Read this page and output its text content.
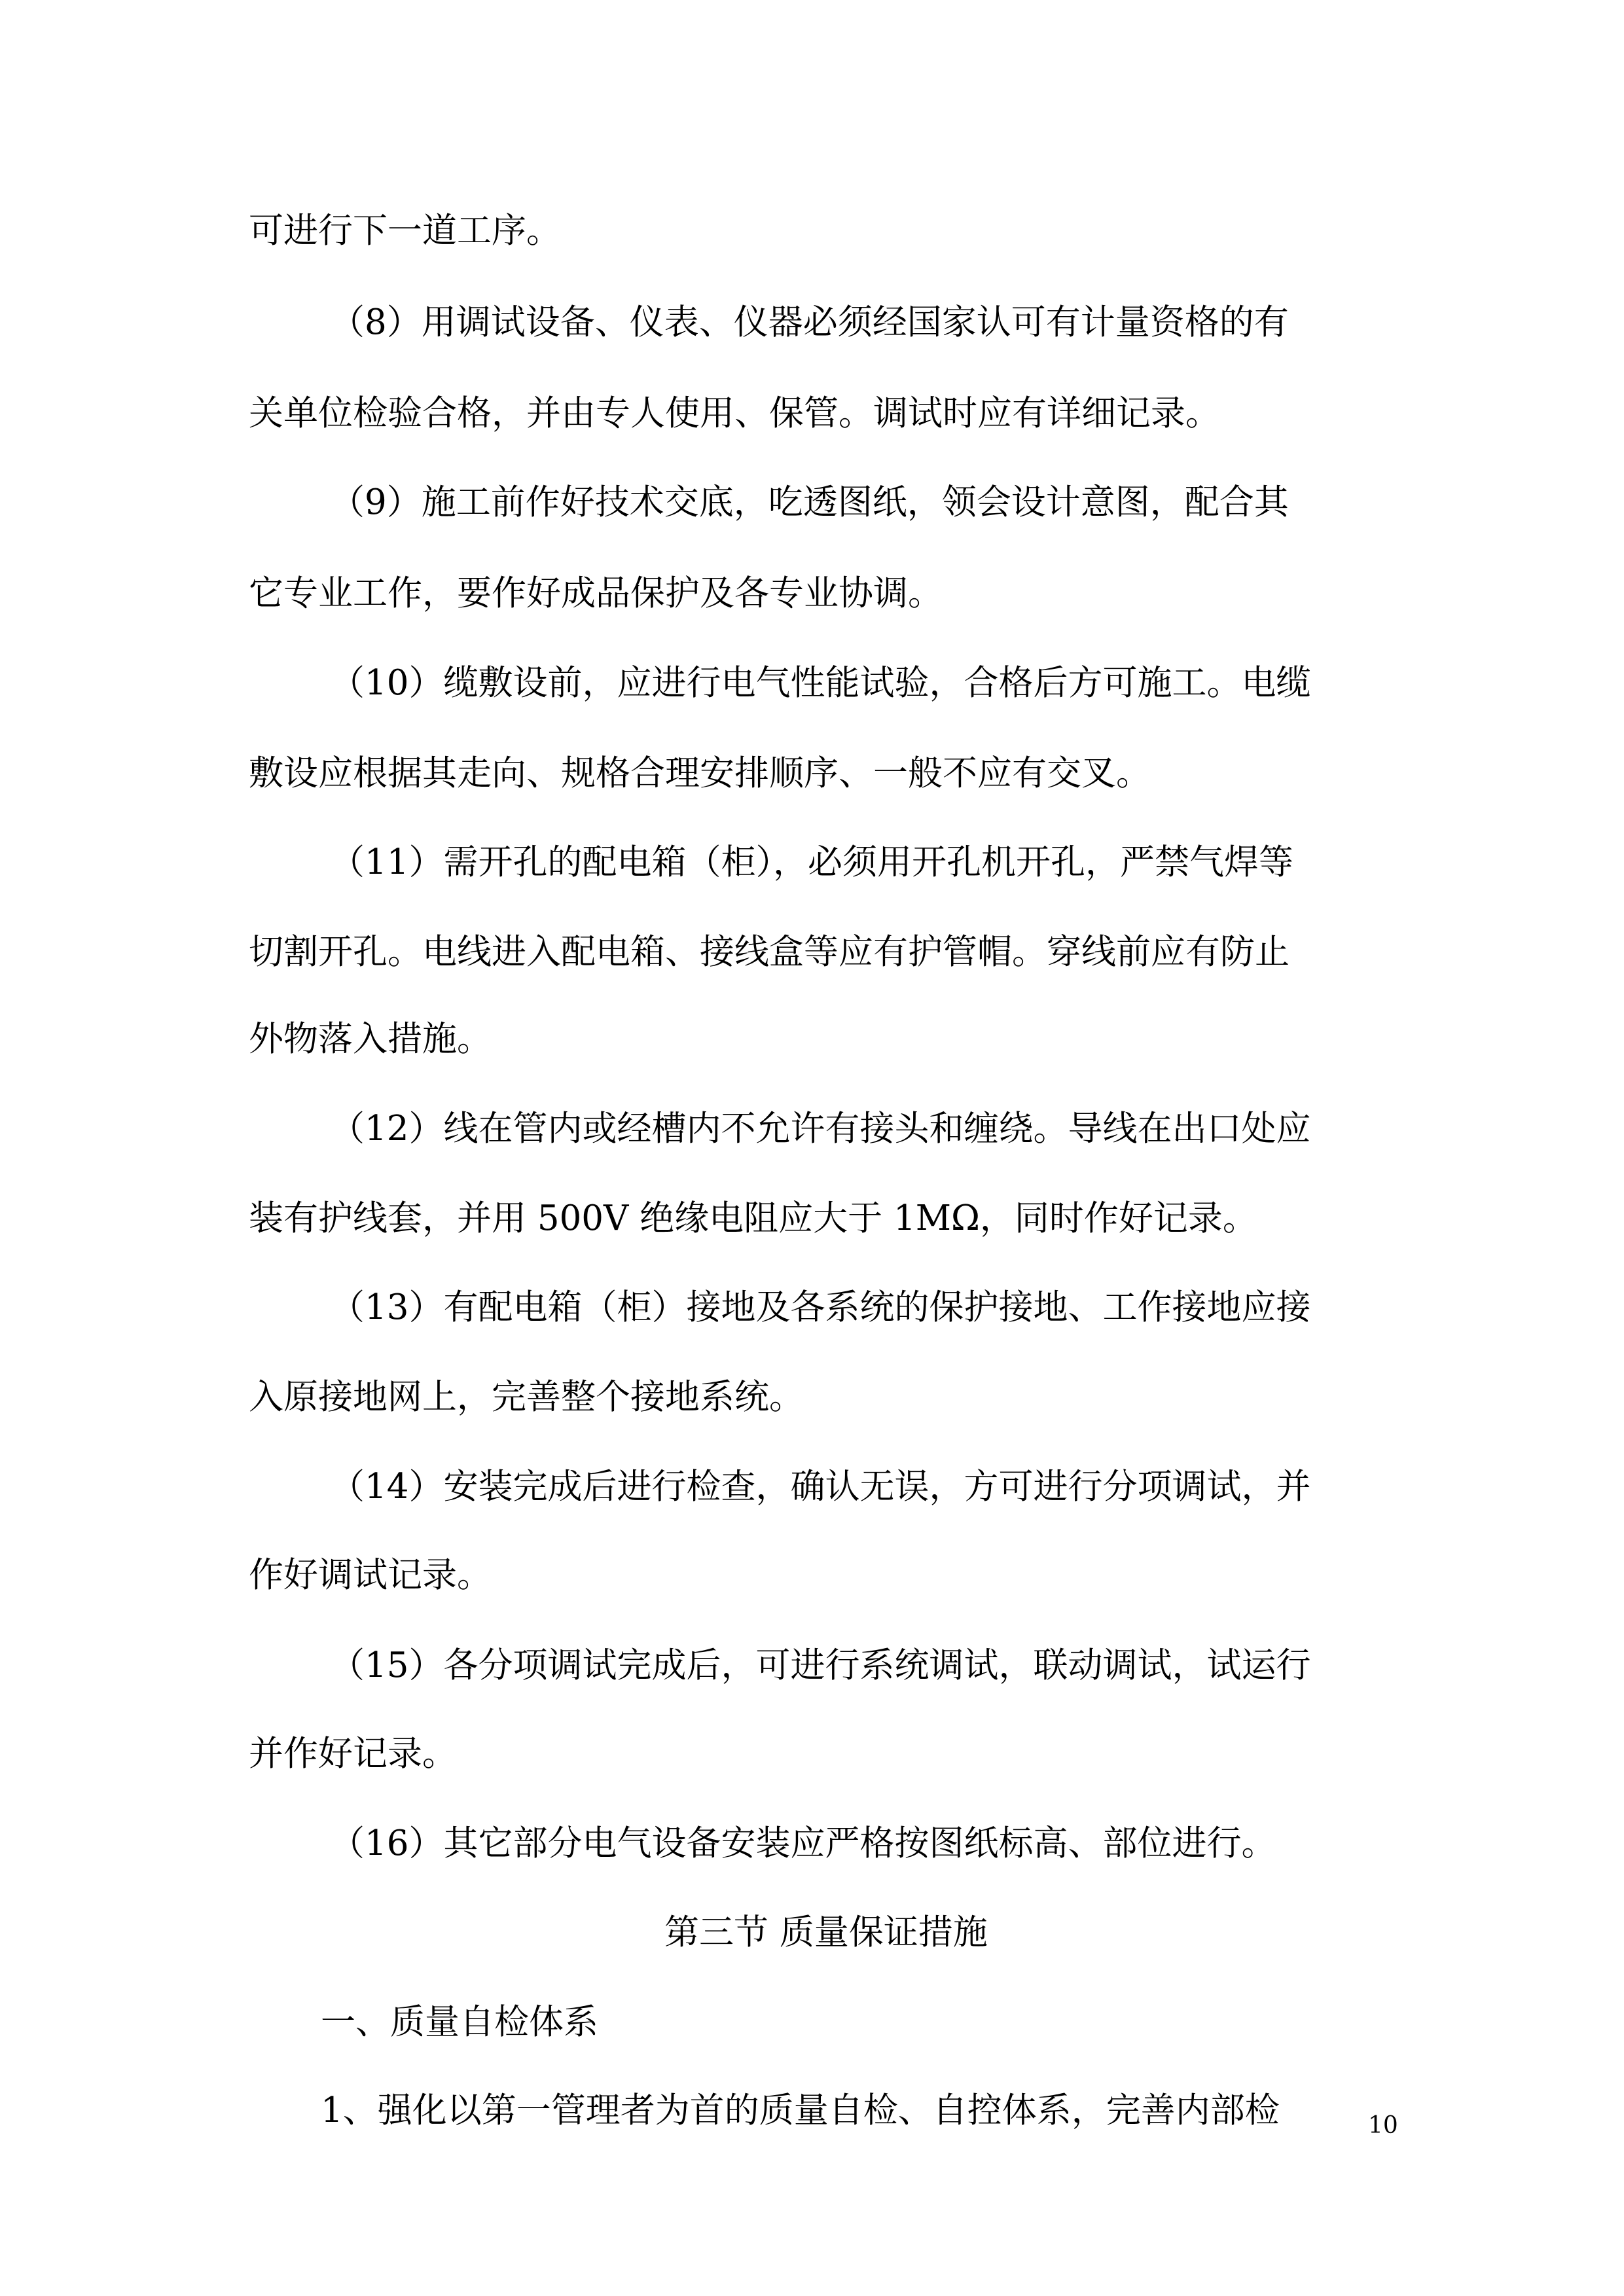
可进行下一道工序。
（8）用调试设备、仪表、仪器必须经国家认可有计量资格的有
关单位检验合格，并由专人使用、保管。调试时应有详细记录。
（9）施工前作好技术交底，吃透图纸，领会设计意图，配合其
它专业工作，要作好成品保护及各专业协调。
（10）缆敷设前，应进行电气性能试验，合格后方可施工。电缆
敷设应根据其走向、规格合理安排顺序、一般不应有交叉。
（11）需开孔的配电箱（柜），必须用开孔机开孔，严禁气焊等
切割开孔。电线进入配电箱、接线盒等应有护管帽。穿线前应有防止
外物落入措施。
（12）线在管内或经槽内不允许有接头和缠绕。导线在出口处应
装有护线套，并用 500V 绝缘电阻应大于 1MΩ，同时作好记录。
（13）有配电箱（柜）接地及各系统的保护接地、工作接地应接
入原接地网上，完善整个接地系统。
（14）安装完成后进行检查，确认无误，方可进行分项调试，并
作好调试记录。
（15）各分项调试完成后，可进行系统调试，联动调试，试运行
并作好记录。
（16）其它部分电气设备安装应严格按图纸标高、部位进行。
第三节 质量保证措施
一、质量自检体系
1、强化以第一管理者为首的质量自检、自控体系，完善内部检	10
